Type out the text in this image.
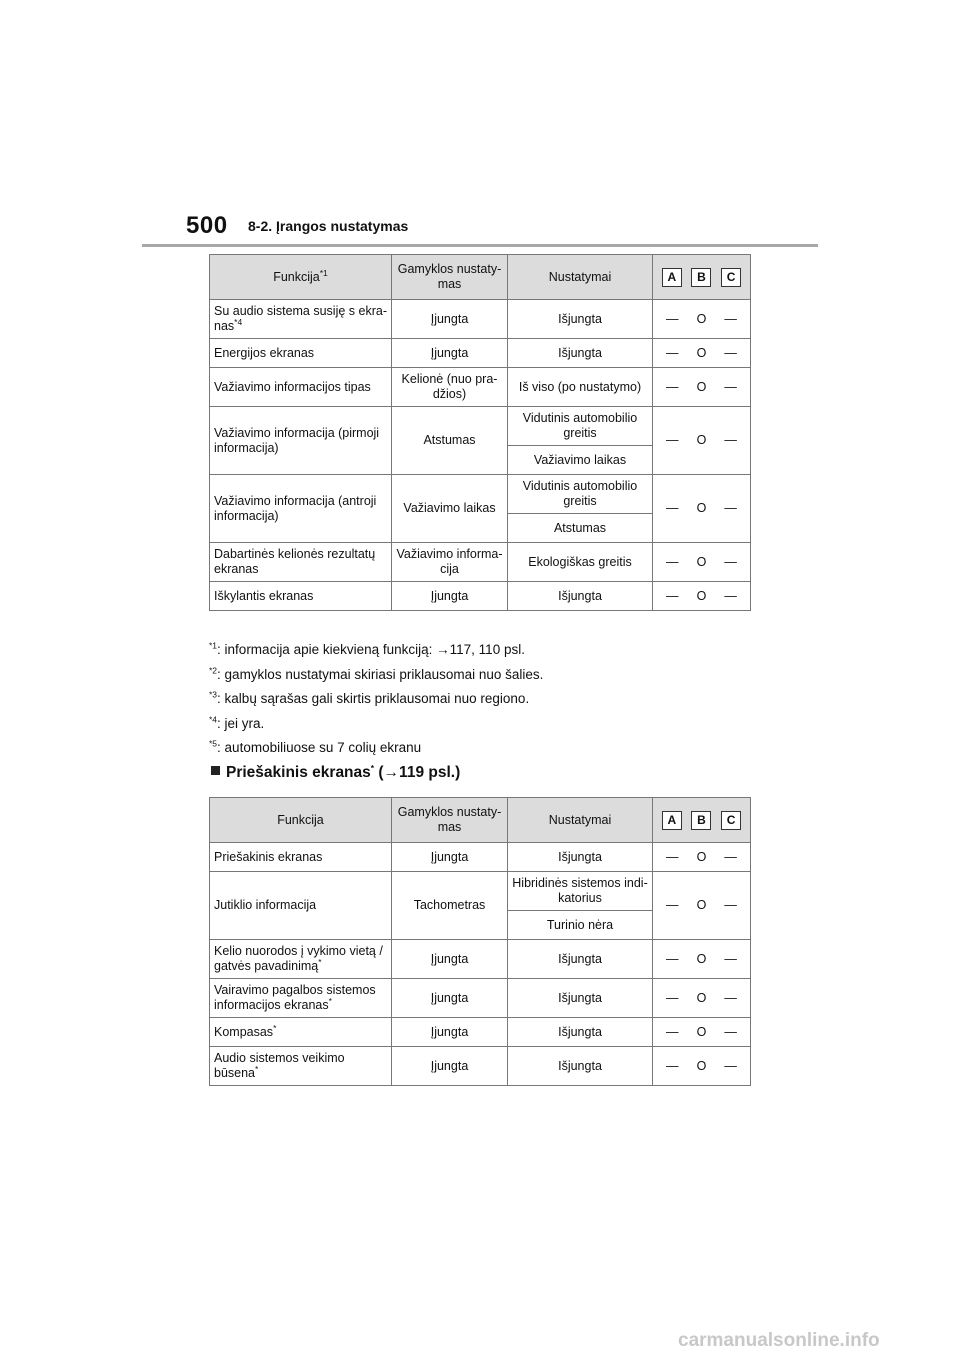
500 8-2. Įrangos nustatymas
Funkcija$^{*1}$	Gamyklos nustaty-mas	Nustatymai	A B C

Su audio sistema susiję s ekra-nas$^{*4}$	Įjungta	Išjungta	— O —

Energijos ekranas	Įjungta	Išjungta	— O —

Važiavimo informacijos tipas	Kelionė (nuo pra-džios)	Iš viso (po nustatymo)	— O —

Važiavimo informacija (pirmoji informacija)	Atstumas	Vidutinis automobilio greitis	— O —

		Važiavimo laikas	
Važiavimo informacija (antroji informacija)	Važiavimo laikas	Vidutinis automobilio greitis	— O —

		Atstumas	
Dabartinės kelionės rezultatų ekranas	Važiavimo informa-cija	Ekologiškas greitis	— O —

Iškylantis ekranas	Įjungta	Išjungta	— O —
$^{*1}$: informacija apie kiekvieną funkciją: →117, 110 psl.
$^{*2}$: gamyklos nustatymai skiriasi priklausomai nuo šalies.
$^{*3}$: kalbų sąrašas gali skirtis priklausomai nuo regiono.
$^{*4}$: jei yra.
$^{*5}$: automobiliuose su 7 colių ekranu
Priešakinis ekranas* (→119 psl.)
Funkcija	Gamyklos nustaty-mas	Nustatymai	A B C

Priešakinis ekranas	Įjungta	Išjungta	— O —

Jutiklio informacija	Tachometras	Hibridinės sistemos indi-katorius	— O —

		Turinio nėra	
Kelio nuorodos į vykimo vietą / gatvės pavadinimą*	Įjungta	Išjungta	— O —

Vairavimo pagalbos sistemos informacijos ekranas*	Įjungta	Išjungta	— O —

Kompasas*	Įjungta	Išjungta	— O —

Audio sistemos veikimo būsena*	Įjungta	Išjungta	— O —
carmanualsonline.info
